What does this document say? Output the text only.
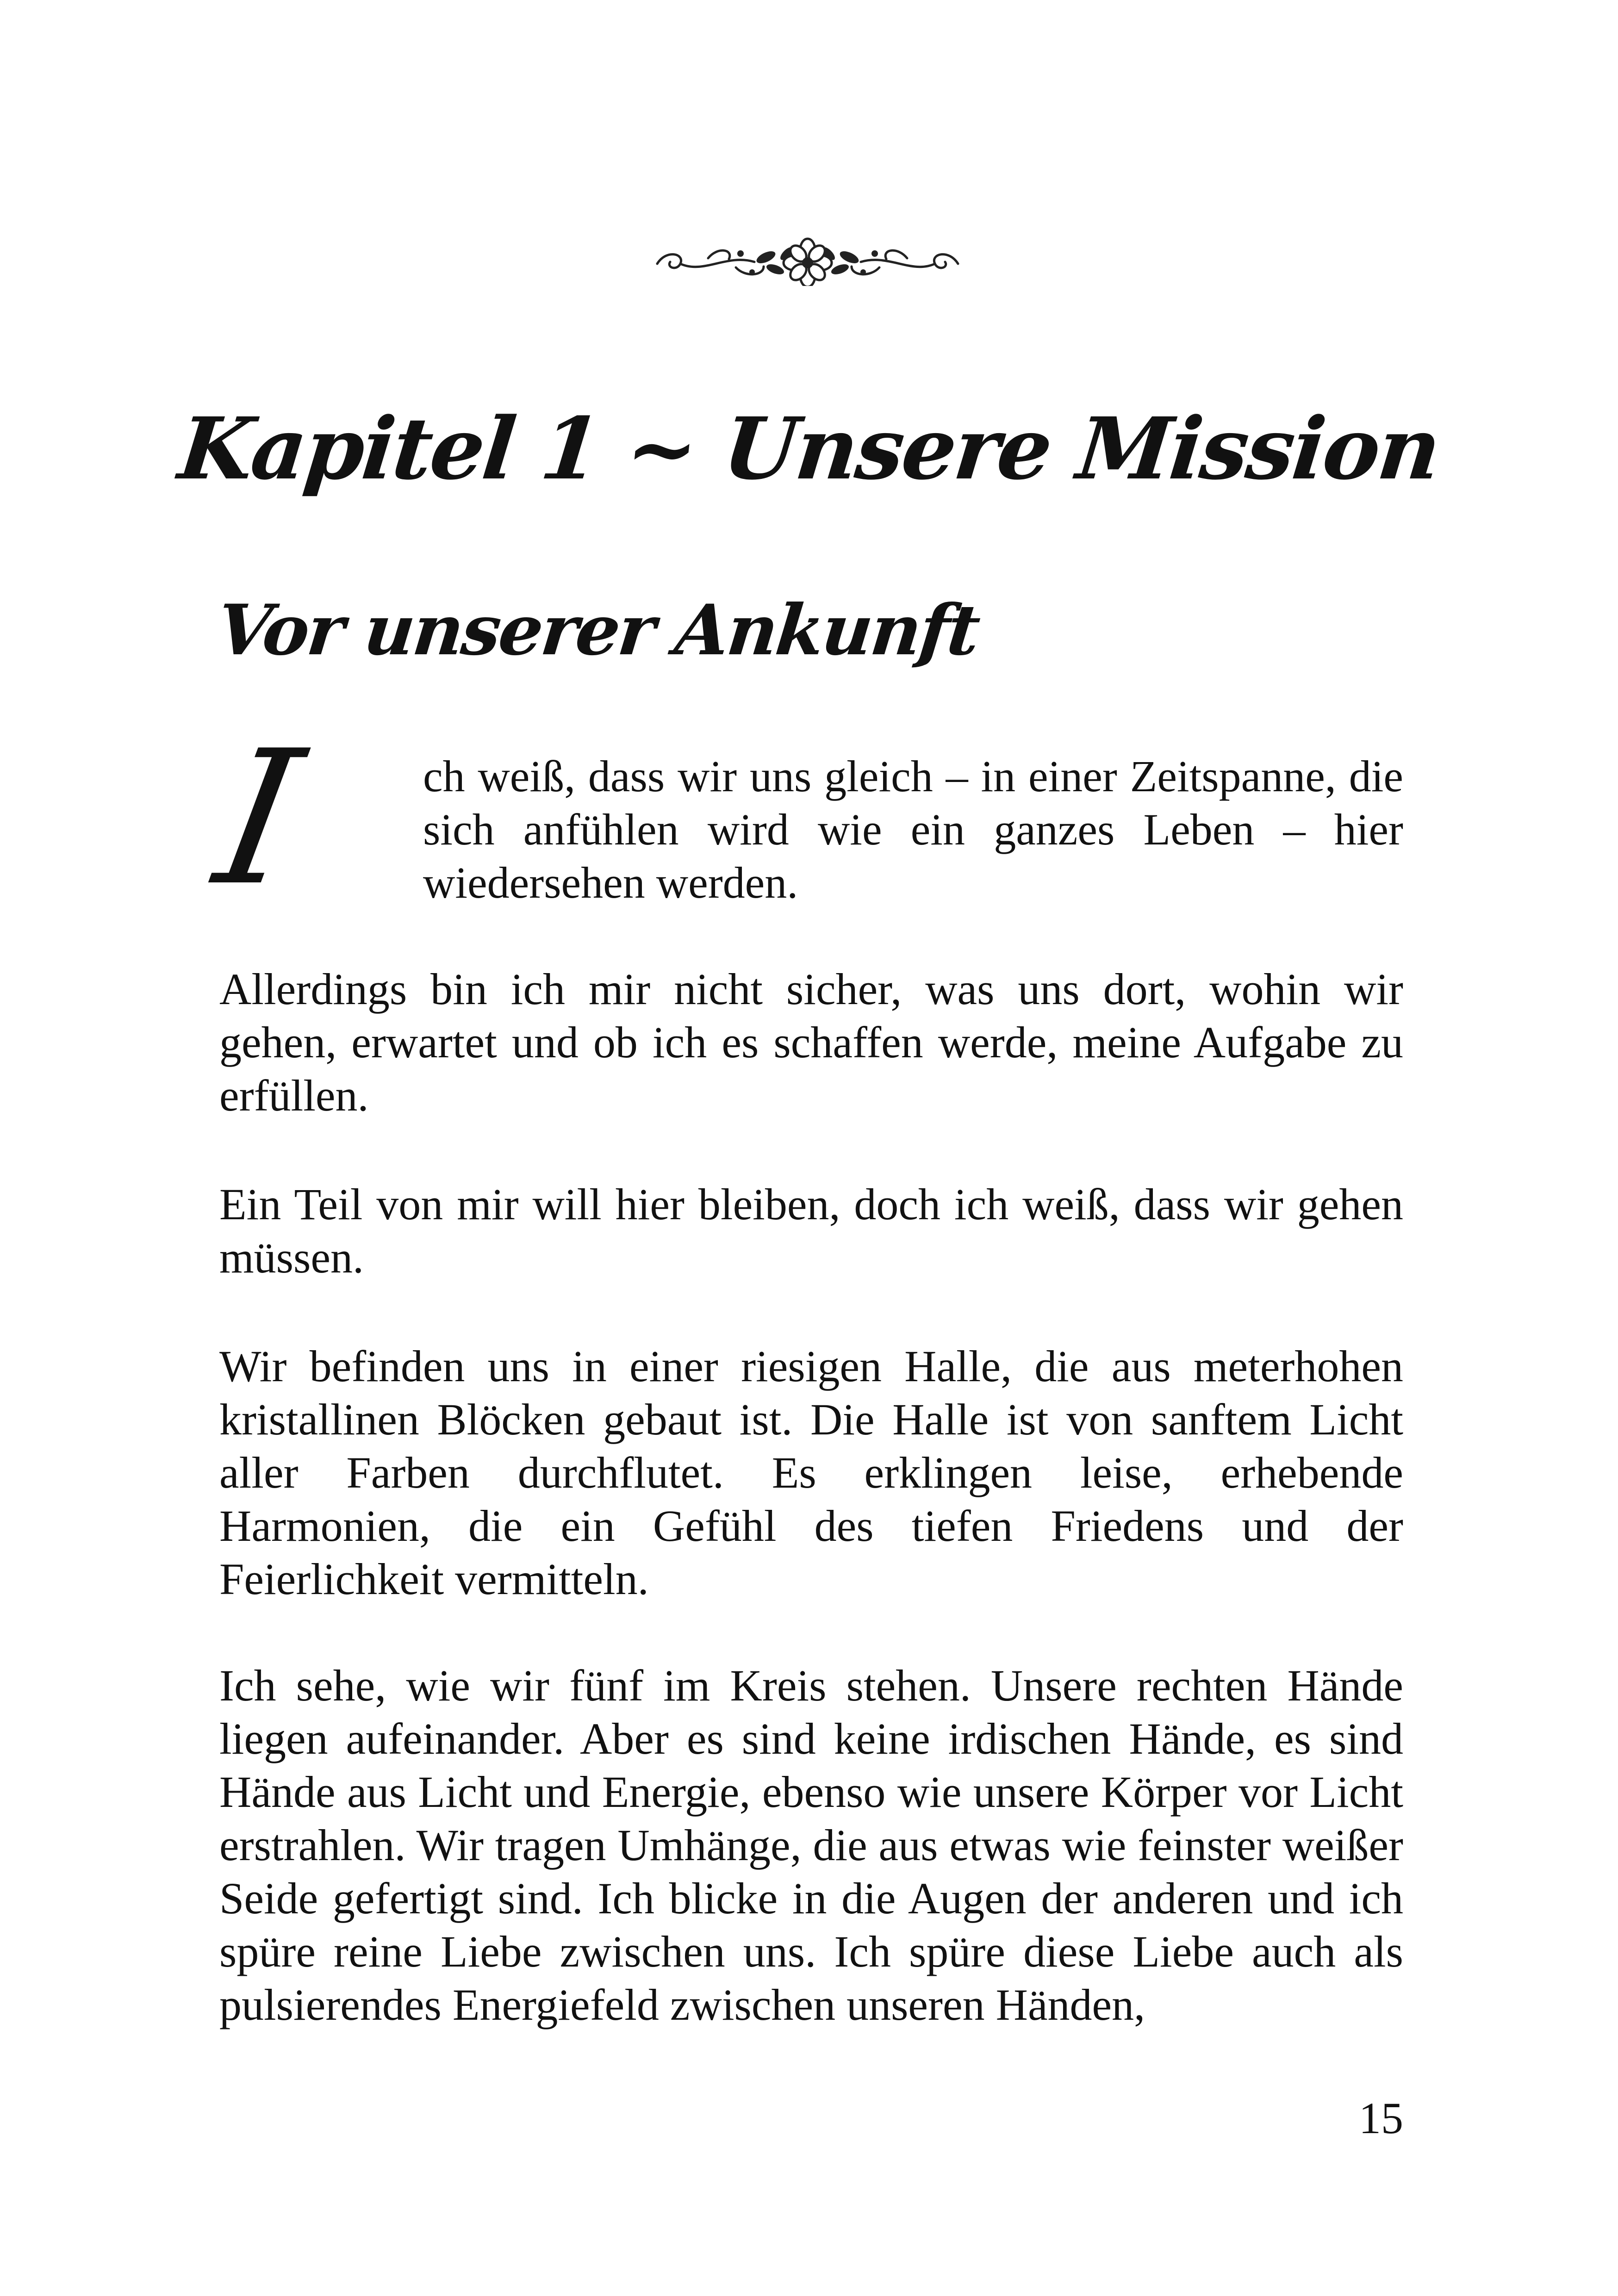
Kapitel 1 ~ Unsere Mission
Vor unserer Ankunft
I ch weiß, dass wir uns gleich – in einer Zeitspanne, die sich anfühlen wird wie ein ganzes Leben – hier wiedersehen werden.
Allerdings bin ich mir nicht sicher, was uns dort, wohin wir gehen, erwartet und ob ich es schaffen werde, meine Aufgabe zu erfüllen.
Ein Teil von mir will hier bleiben, doch ich weiß, dass wir gehen müssen.
Wir befinden uns in einer riesigen Halle, die aus meterhohen kristallinen Blöcken gebaut ist. Die Halle ist von sanftem Licht aller Farben durchflutet. Es erklingen leise, erhebende Harmonien, die ein Gefühl des tiefen Friedens und der Feierlichkeit vermitteln.
Ich sehe, wie wir fünf im Kreis stehen. Unsere rechten Hände liegen aufeinander. Aber es sind keine irdischen Hände, es sind Hände aus Licht und Energie, ebenso wie unsere Körper vor Licht erstrahlen. Wir tragen Umhänge, die aus etwas wie feinster weißer Seide gefertigt sind. Ich blicke in die Augen der anderen und ich spüre reine Liebe zwischen uns. Ich spüre diese Liebe auch als pulsierendes Energiefeld zwischen unseren Händen,
15
